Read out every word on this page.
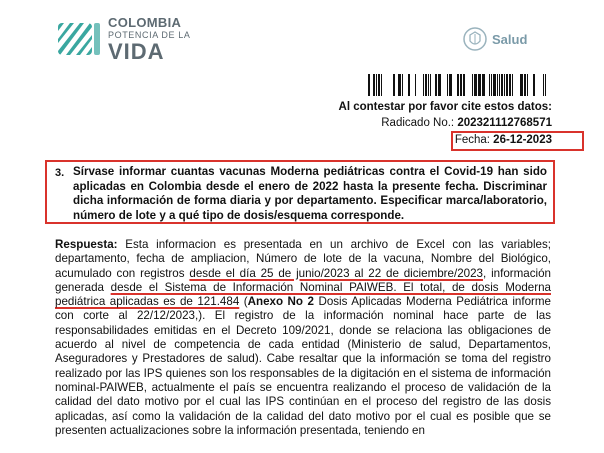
COLOMBIA
POTENCIA DE LA
VIDA	Salud
Al contestar por favor cite estos datos:
Radicado No.: 202321112768571
Fecha: 26-12-2023
3. Sírvase informar cuantas vacunas Moderna pediátricas contra el Covid-19 han sido aplicadas en Colombia desde el enero de 2022 hasta la presente fecha. Discriminar dicha información de forma diaria y por departamento. Especificar marca/laboratorio, número de lote y a qué tipo de dosis/esquema corresponde.
Respuesta: Esta informacion es presentada en un archivo de Excel con las variables; departamento, fecha de ampliacion, Número de lote de la vacuna, Nombre del Biológico, acumulado con registros desde el día 25 de junio/2023 al 22 de diciembre/2023, información generada desde el Sistema de Información Nominal PAIWEB. El total, de dosis Moderna pediátrica aplicadas es de 121.484 (Anexo No 2 Dosis Aplicadas Moderna Pediátrica informe con corte al 22/12/2023,). El registro de la información nominal hace parte de las responsabilidades emitidas en el Decreto 109/2021, donde se relaciona las obligaciones de acuerdo al nivel de competencia de cada entidad (Ministerio de salud, Departamentos, Aseguradores y Prestadores de salud). Cabe resaltar que la información se toma del registro realizado por las IPS quienes son los responsables de la digitación en el sistema de información nominal-PAIWEB, actualmente el país se encuentra realizando el proceso de validación de la calidad del dato motivo por el cual las IPS continúan en el proceso del registro de las dosis aplicadas, así como la validación de la calidad del dato motivo por el cual es posible que se presenten actualizaciones sobre la información presentada, teniendo en
